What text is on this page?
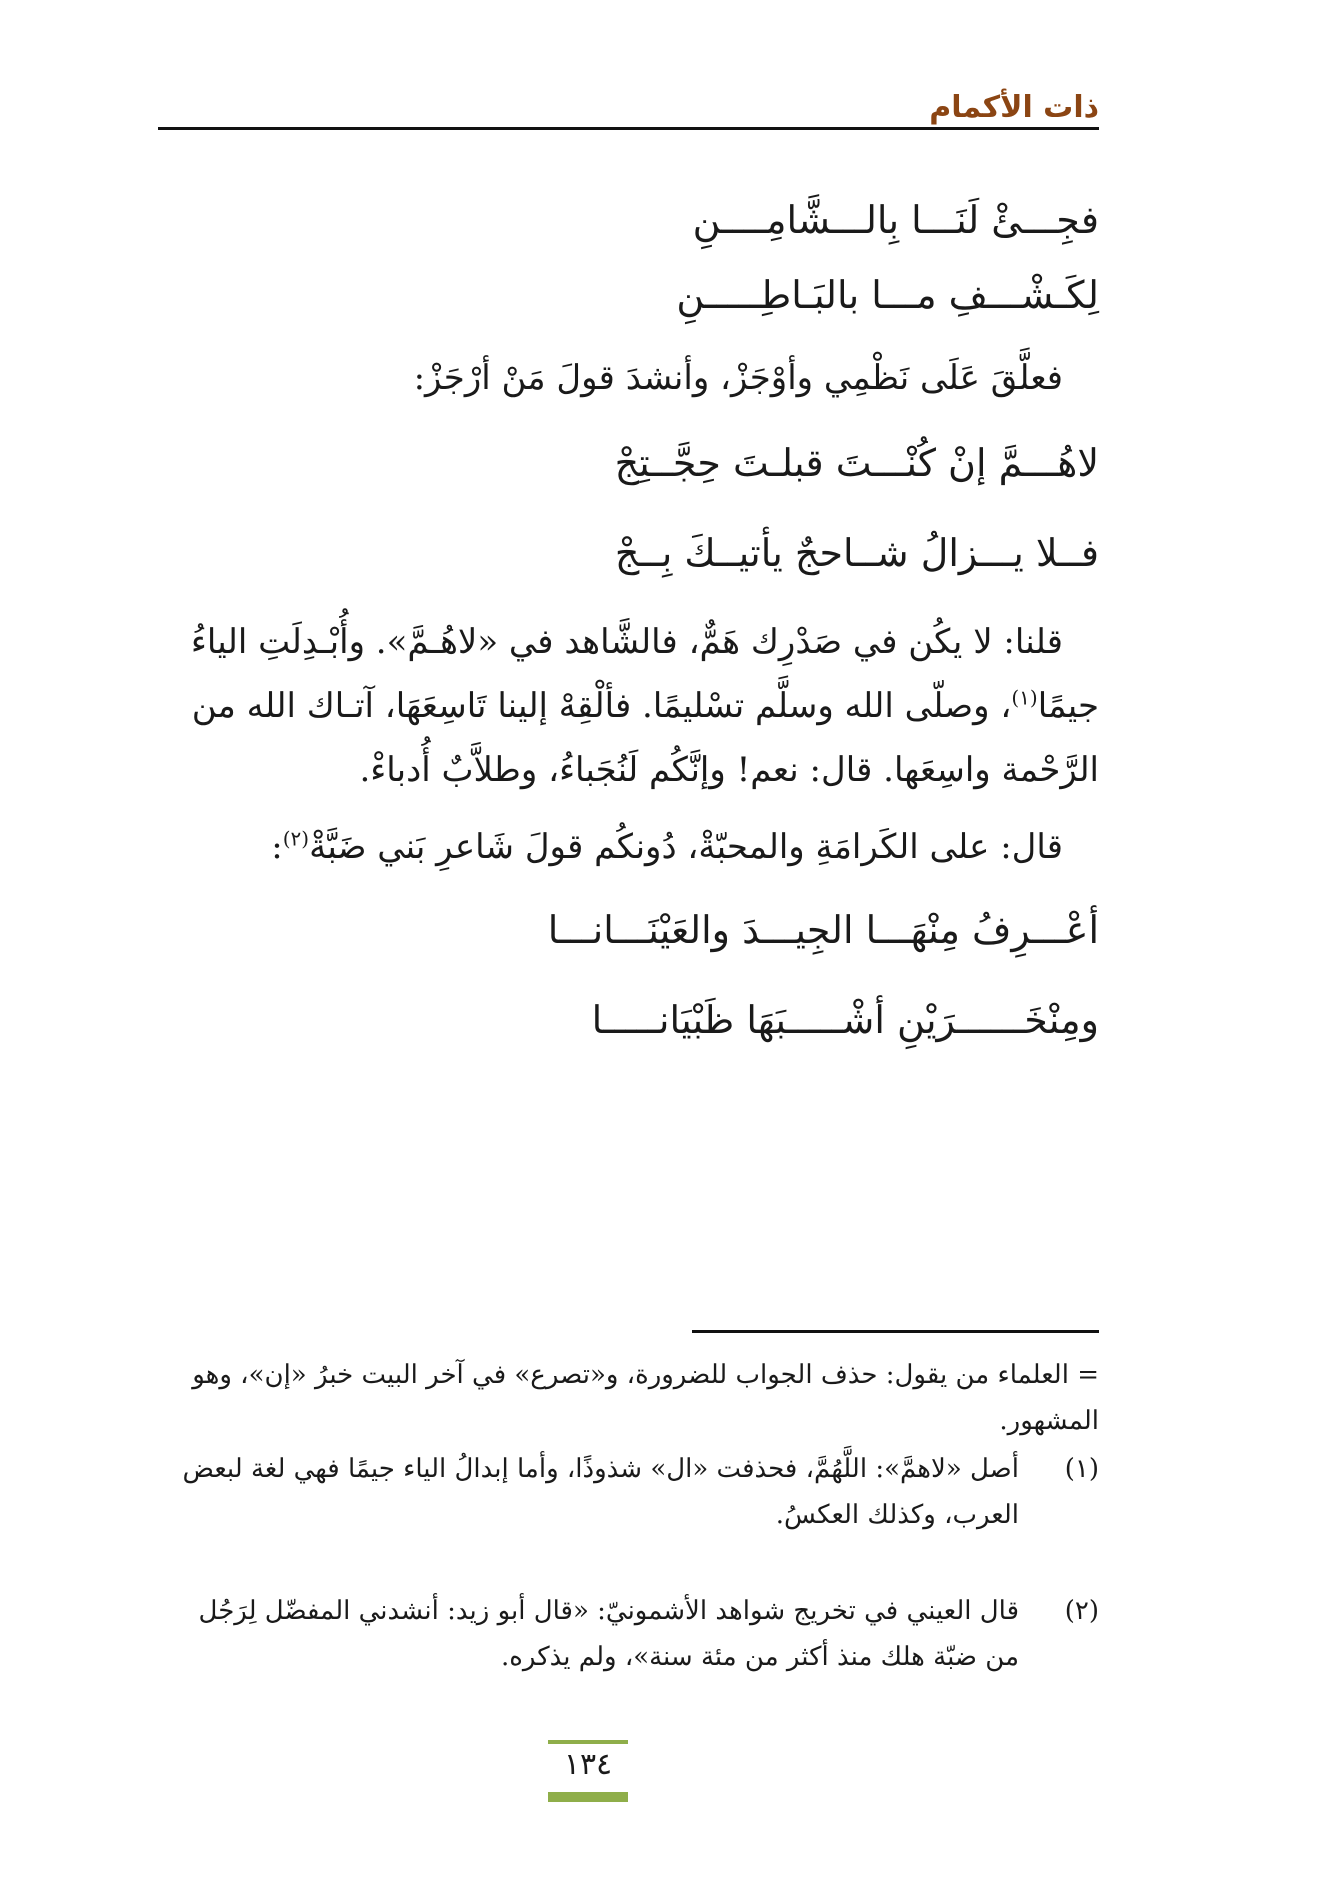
ذات الأكمام
فجِـــئْ لَنَـــا بِالـــشَّامِــــنِ
لِكَـشْـــفِ مـــا بالبَـاطِـــــنِ
فعلَّقَ عَلَى نَظْمِي وأوْجَزْ، وأنشدَ قولَ مَنْ أرْجَزْ:
لاهُـــمَّ إنْ كُنْـــتَ قبلـتَ حِجَّــتِجْ
فــلا يـــزالُ شــاحجٌ يأتيــكَ بِــجْ
قلنا: لا يكُن في صَدْرِك هَمٌّ، فالشَّاهد في «لاهُـمَّ». وأُبْـدِلَتِ الياءُ جيمًا$^{(١)}$، وصلّى الله وسلَّم تسْليمًا. فألْقِهْ إلينا تَاسِعَهَا، آتـاك الله من الرَّحْمة واسِعَها. قال: نعم! وإنَّكُم لَنُجَباءُ، وطلاَّبٌ أُدباءْ.
قال: على الكَرامَةِ والمحبّةْ، دُونكُم قولَ شَاعرِ بَني ضَبَّةْ$^{(٢)}$:
أعْـــرِفُ مِنْهَـــا الجِيـــدَ والعَيْنَـــانـــا
ومِنْخَــــــرَيْنِ أشْـــــبَهَا ظَبْيَانـــــا
= العلماء من يقول: حذف الجواب للضرورة، و«تصرع» في آخر البيت خبرُ «إن»، وهو المشهور.
(١)
أصل «لاهمَّ»: اللَّهُمَّ، فحذفت «ال» شذوذًا، وأما إبدالُ الياء جيمًا فهي لغة لبعض العرب، وكذلك العكسُ.
(٢)
قال العيني في تخريج شواهد الأشمونيّ: «قال أبو زيد: أنشدني المفضّل لِرَجُل من ضبّة هلك منذ أكثر من مئة سنة»، ولم يذكره.
١٣٤
